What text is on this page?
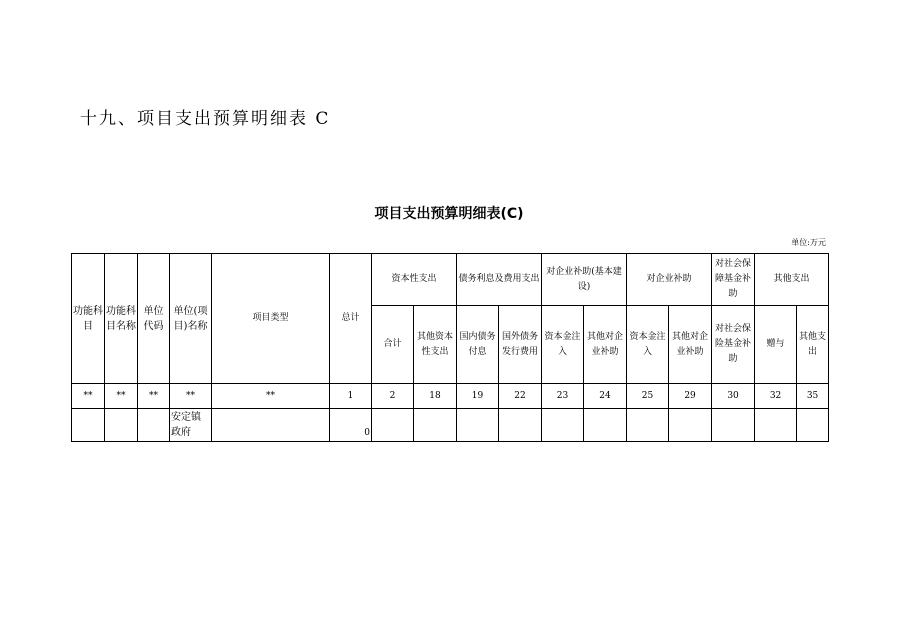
十九、项目支出预算明细表 C
项目支出预算明细表(C)
单位:万元
功能科目	功能科目名称	单位代码	单位(项目)名称	项目类型	总计	资本性支出		债务利息及费用支出		对企业补助(基本建设)		对企业补助		对社会保障基金补助	其他支出	
						合计	其他资本性支出	国内债务付息	国外债务发行费用	资本金注入	其他对企业补助	资本金注入	其他对企业补助	对社会保险基金补助	赠与	其他支出
**	**	**	**	**	1	2	18	19	22	23	24	25	29	30	32	35
			安定镇政府		0											
